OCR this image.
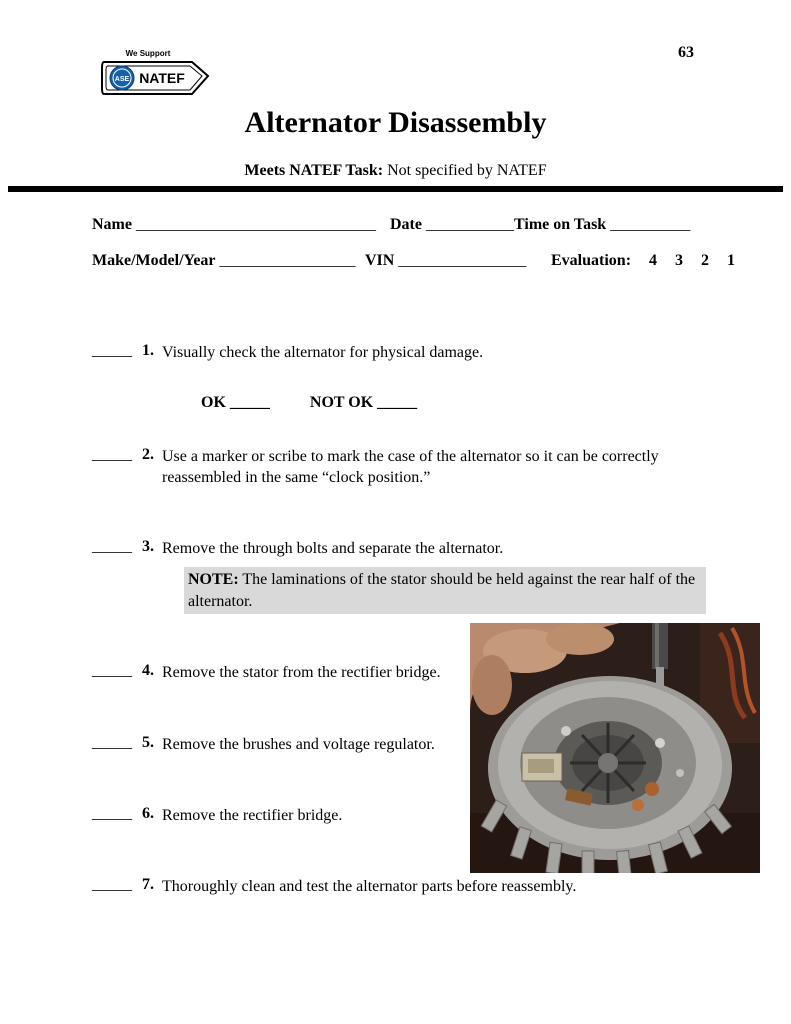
63
We Support
ASE NATEF
Alternator Disassembly
Meets NATEF Task: Not specified by NATEF
Name ______________________________ Date ___________ Time on Task __________
Make/Model/Year _________________ VIN ________________	Evaluation: 4 3 2 1
_____ 1. Visually check the alternator for physical damage.

OK _____	NOT OK _____

_____ 2. Use a marker or scribe to mark the case of the alternator so it can be correctly reassembled in the same “clock position.”
_____ 3. Remove the through bolts and separate the alternator.
NOTE: The laminations of the stator should be held against the rear half of the alternator.
_____ 4. Remove the stator from the rectifier bridge.
_____ 5. Remove the brushes and voltage regulator.
_____ 6. Remove the rectifier bridge.
_____ 7. Thoroughly clean and test the alternator parts before reassembly.
